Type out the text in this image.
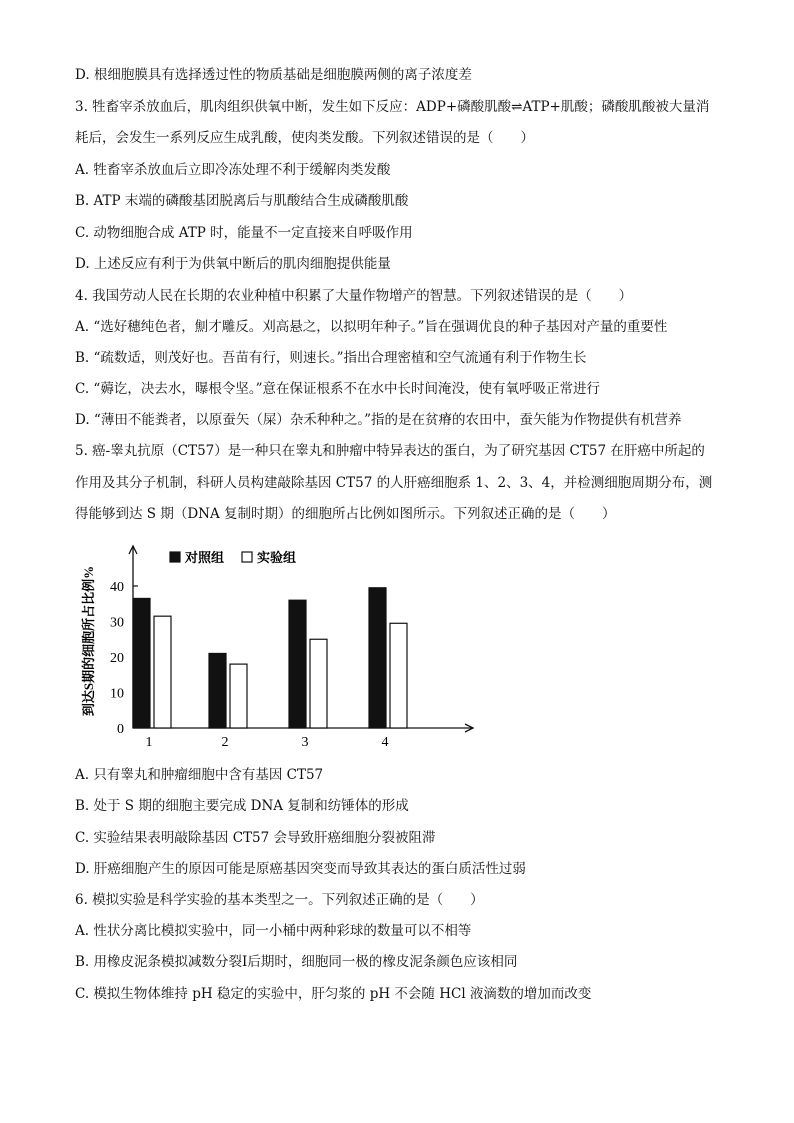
D. 根细胞膜具有选择透过性的物质基础是细胞膜两侧的离子浓度差
3. 牲畜宰杀放血后，肌肉组织供氧中断，发生如下反应：ADP+磷酸肌酸⇌ATP+肌酸；磷酸肌酸被大量消
耗后，会发生一系列反应生成乳酸，使肉类发酸。下列叙述错误的是（　　）
A. 牲畜宰杀放血后立即冷冻处理不利于缓解肉类发酸
B. ATP 末端的磷酸基团脱离后与肌酸结合生成磷酸肌酸
C. 动物细胞合成 ATP 时，能量不一定直接来自呼吸作用
D. 上述反应有利于为供氧中断后的肌肉细胞提供能量
4. 我国劳动人民在长期的农业种植中积累了大量作物增产的智慧。下列叙述错误的是（　　）
A. “选好穗纯色者，劁才雕反。刈高悬之，以拟明年种子。”旨在强调优良的种子基因对产量的重要性
B. “疏数适，则茂好也。吾苗有行，则速长。”指出合理密植和空气流通有利于作物生长
C. “薅讫，决去水，曝根令坚。”意在保证根系不在水中长时间淹没，使有氧呼吸正常进行
D. “薄田不能粪者，以原蚕矢（屎）杂禾种种之。”指的是在贫瘠的农田中，蚕矢能为作物提供有机营养
5. 癌-睾丸抗原（CT57）是一种只在睾丸和肿瘤中特异表达的蛋白，为了研究基因 CT57 在肝癌中所起的
作用及其分子机制，科研人员构建敲除基因 CT57 的人肝癌细胞系 1、2、3、4，并检测细胞周期分布，测
得能够到达 S 期（DNA 复制时期）的细胞所占比例如图所示。下列叙述正确的是（　　）
0
10
20
30
40
到达S期的细胞所占比例%
1	2	3	4
对照组	实验组
A. 只有睾丸和肿瘤细胞中含有基因 CT57
B. 处于 S 期的细胞主要完成 DNA 复制和纺锤体的形成
C. 实验结果表明敲除基因 CT57 会导致肝癌细胞分裂被阻滞
D. 肝癌细胞产生的原因可能是原癌基因突变而导致其表达的蛋白质活性过弱
6. 模拟实验是科学实验的基本类型之一。下列叙述正确的是（　　）
A. 性状分离比模拟实验中，同一小桶中两种彩球的数量可以不相等
B. 用橡皮泥条模拟减数分裂Ⅰ后期时，细胞同一极的橡皮泥条颜色应该相同
C. 模拟生物体维持 pH 稳定的实验中，肝匀浆的 pH 不会随 HCl 液滴数的增加而改变
